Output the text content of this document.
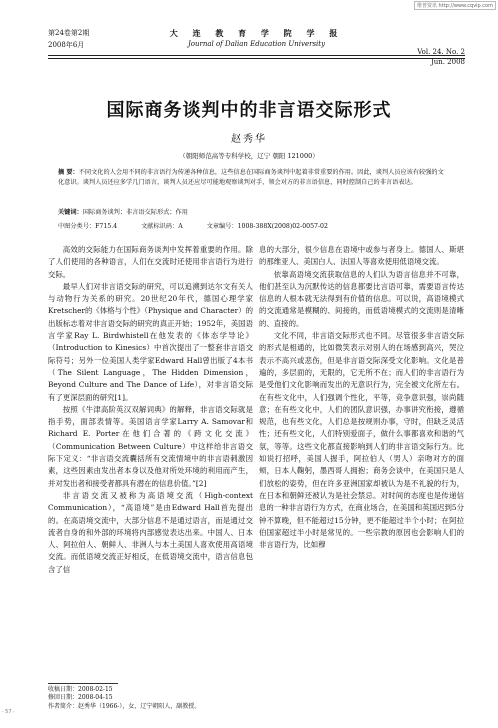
维普资讯 http://www.cqvip.com
第24卷第2期
2008年6月
大 连 教 育 学 院 学 报
Journal of Dalian Education University
Vol. 24. No. 2
Jun. 2008
国际商务谈判中的非言语交际形式
赵秀华
（朝阳师范高等专科学校，辽宁 朝阳 121000）
摘 要：不同文化的人会用不同的非言语行为传递各种信息，这些信息在国际商务谈判中起着非常重要的作用。因此，谈判人员应该有较强的文化意识。谈判人员还应多学几门语言，谈判人员还应尽可能地观察谈判对手，领会对方的非言语信息，同时控制自己的非言语表达。
关键词：国际商务谈判；非言语交际形式；作用
中图分类号：F715.4	文献标识码：A	文章编号：1008-388X(2008)02-0057-02

高效的交际能力在国际商务谈判中发挥着重要的作用。除了人们使用的各种语言，人们在交流时还使用非言语行为进行交际。

最早人们对非言语交际的研究，可以追溯到达尔文有关人与动物行为关系的研究。20世纪20年代，德国心理学家Kretscher的《体格与个性》（Physique and Character）的出版标志着对非言语交际的研究的真正开始；1952年，美国语言学家Ray L. Birdwhistell在他发表的《体态学导论》（Introduction to Kinesics）中首次提出了一整套非言语交际符号；另外一位美国人类学家Edward Hall曾出版了4本书（The Silent Language，The Hidden Dimension，Beyond Culture and The Dance of Life），对非言语交际有了更深层面的研究[1]。

按照《牛津高阶英汉双解词典》的解释，非言语交际就是指手势，面部表情等。美国语言学家Larry A. Samovar和Richard E. Porter在他们合著的《跨文化交流》（Communication Between Culture）中这样给非言语交际下定义：“非言语交流囊括所有交流情境中的非言语刺激因素，这些因素由发出者本身以及他对所处环境的利用而产生，并对发出者和接受者都具有潜在的信息价值。”[2]

非言语交流又被称为高语境交流（High-context Communication），“高语境”是由Edward Hall首先提出的。在高语境交流中，大部分信息不是通过语言，而是通过交流者自身的和外部的环境将内部感觉表达出来。中国人、日本人、阿拉伯人、朝鲜人、非洲人与本土美国人喜欢使用高语境交流。而低语境交流正好相反，在低语境交流中，语言信息包含了信

息的大部分，很少信息在语境中或参与者身上。德国人、斯堪的那维亚人、美国白人、法国人等喜欢使用低语境交流。

依靠高语境交流获取信息的人们认为语言信息并不可靠，他们甚至认为沉默传达的信息都要比言语可靠，需要语言传达信息的人根本就无法得到有价值的信息。可以说，高语境模式的交流通常是模糊的、间接的，而低语境模式的交流则是清晰的、直接的。

文化不同，非言语交际形式也不同。尽管很多非言语交际的形式是相通的，比如微笑表示对别人的在场感到高兴，哭泣表示不高兴或悲伤，但是非言语交际深受文化影响。文化是普遍的，多层面的，无限的，它无所不在；而人们的非言语行为是受他们文化影响而发出的无意识行为，完全被文化所左右。在有些文化中，人们强调个性化，平等，竞争意识强，崇尚随意；在有些文化中，人们的团队意识强，办事讲究衔接，遵循规范，也有些文化，人们总是按规则办事，守时，但缺乏灵活性；还有些文化，人们特别爱面子，做什么事都喜欢和谐的气氛，等等。这些文化都直接影响到人们的非言语交际行为。比如说打招呼，美国人握手，阿拉伯人（男人）亲吻对方的面颊，日本人鞠躬，墨西哥人拥抱；商务会谈中，在美国只是人们放松的姿势，但在许多亚洲国家却被认为是不礼貌的行为，在日本和朝鲜还被认为是社会禁忌。对时间的态度也是传递信息的一种非言语行为方式，在商业场合，在美国和英国迟到5分钟不算晚，但不能超过15分钟，更不能超过半个小时；在阿拉伯国家超过半小时是常见的。一些宗教的原因也会影响人们的非言语行为，比如穆

收稿日期：2008-02-15
修回日期：2008-04-15
作者简介：赵秀华（1966-），女，辽宁朝阳人，副教授。
· 57 ·
